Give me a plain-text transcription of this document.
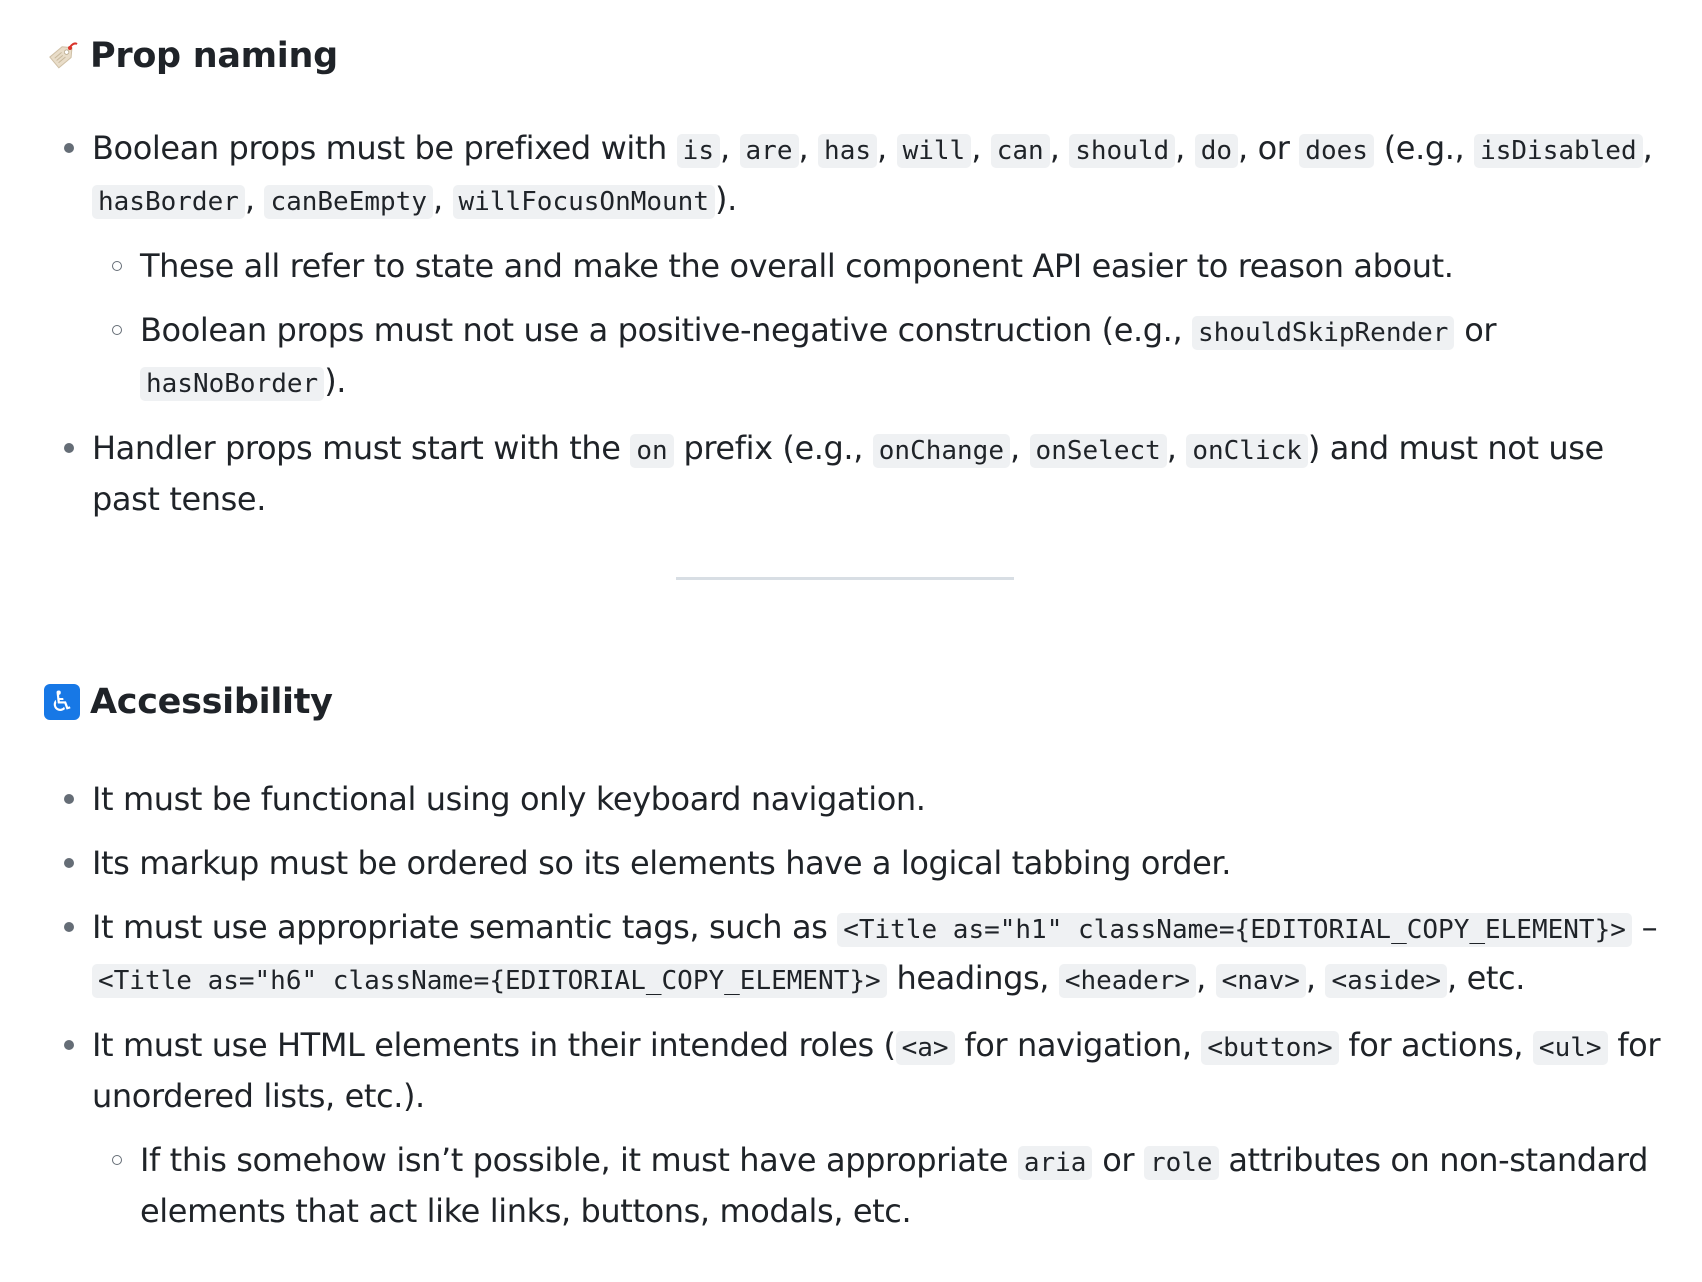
Prop naming
Boolean props must be prefixed with is , are , has , will , can , should , do , or does (e.g., isDisabled , hasBorder , canBeEmpty , willFocusOnMount ).
These all refer to state and make the overall component API easier to reason about.
Boolean props must not use a positive-negative construction (e.g., shouldSkipRender or hasNoBorder ).
Handler props must start with the on prefix (e.g., onChange , onSelect , onClick ) and must not use past tense.
♿ Accessibility
It must be functional using only keyboard navigation.
Its markup must be ordered so its elements have a logical tabbing order.
It must use appropriate semantic tags, such as <Title as="h1" className={EDITORIAL_COPY_ELEMENT}> – <Title as="h6" className={EDITORIAL_COPY_ELEMENT}> headings, <header> , <nav> , <aside> , etc.
It must use HTML elements in their intended roles ( <a> for navigation, <button> for actions, <ul> for unordered lists, etc.).
If this somehow isn’t possible, it must have appropriate aria or role attributes on non-standard elements that act like links, buttons, modals, etc.
